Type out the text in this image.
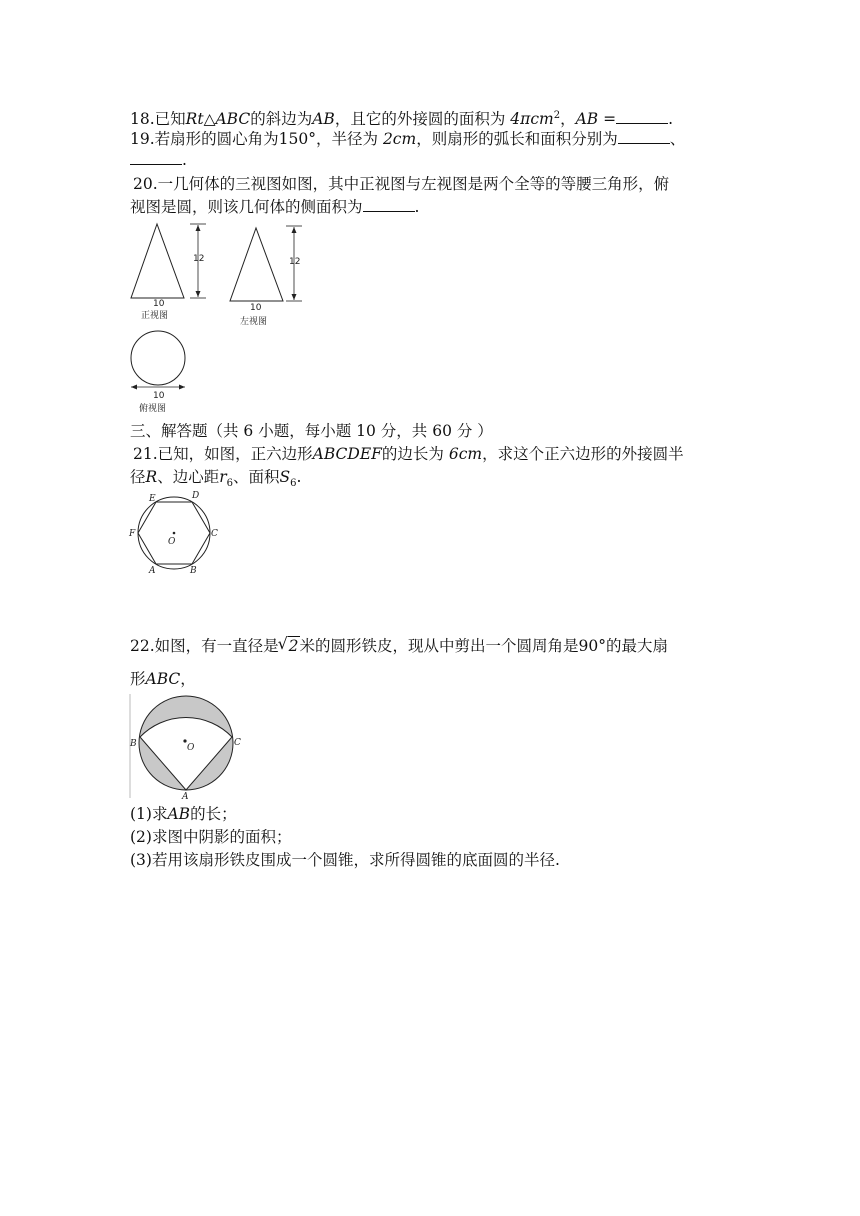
18.已知Rt△ABC的斜边为AB，且它的外接圆的面积为 4πcm$^2$，AB =	.
19.若扇形的圆心角为150°，半径为 2cm，则扇形的弧长和面积分别为	、
.
20.一几何体的三视图如图，其中正视图与左视图是两个全等的等腰三角形，俯
视图是圆，则该几何体的侧面积为	.
12
10
12
10
10
正视图
左视图
俯视图
三、解答题（共 6 小题，每小题 10 分，共 60 分 ）
21.已知，如图，正六边形ABCDEF的边长为 6cm，求这个正六边形的外接圆半
径R、边心距$r_6$、面积$S_6$.
O
A	B
C
D
E
F
22.如图，有一直径是√ 2米的圆形铁皮，现从中剪出一个圆周角是90°的最大扇
形ABC，
O
B	C
A
(1)求AB的长；
(2)求图中阴影的面积；
(3)若用该扇形铁皮围成一个圆锥，求所得圆锥的底面圆的半径.
